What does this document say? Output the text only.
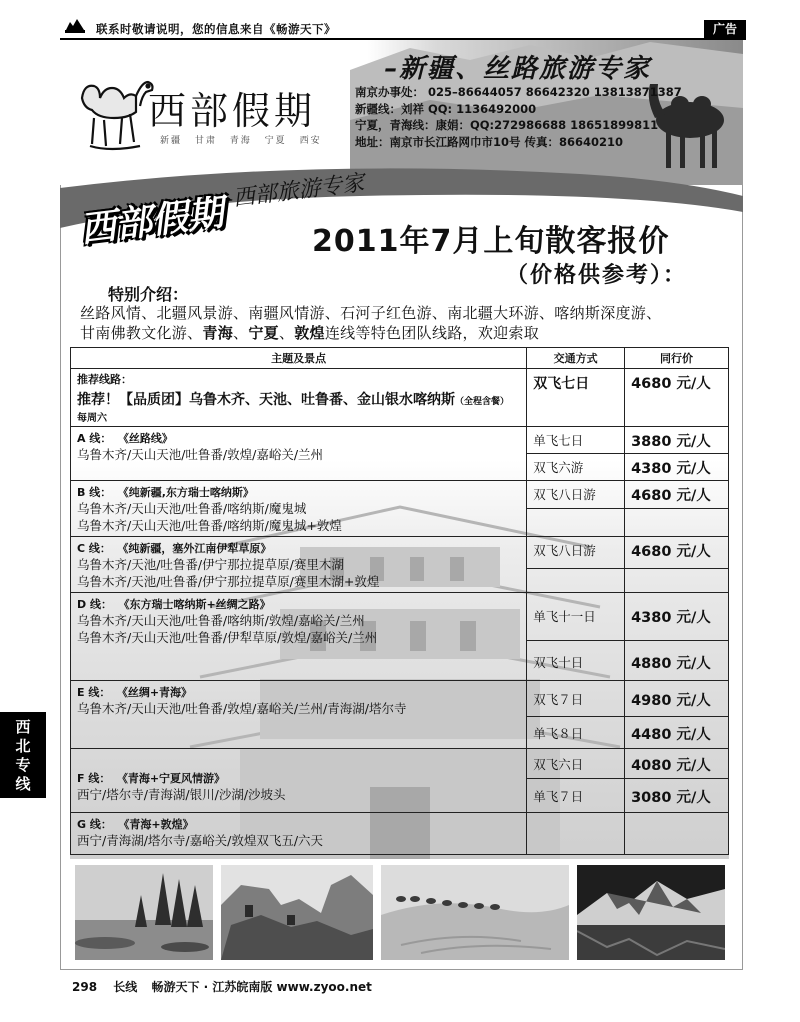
联系时敬请说明，您的信息来自《畅游天下》	广告
西部假期
新疆 甘肃 青海 宁夏 西安
–新疆、丝路旅游专家
南京办事处： 025–86644057 86642320 13813871387
新疆线：刘祥 QQ: 1136492000
宁夏，青海线：康娟：QQ:272986688 18651899811
地址：南京市长江路网巾市10号 传真：86640210
–西部旅游专家
西部假期	2011年7月上旬散客报价
（价格供参考）：
特别介绍：
丝路风情、北疆风景游、南疆风情游、石河子红色游、南北疆大环游、喀纳斯深度游、
甘南佛教文化游、青海、宁夏、敦煌连线等特色团队线路，欢迎索取
主题及景点	交通方式	同行价

推荐线路：
推荐！【品质团】乌鲁木齐、天池、吐鲁番、金山银水喀纳斯（全程含餐）
每周六	双飞七日	4680 元/人

A 线： 《丝路线》
乌鲁木齐/天山天池/吐鲁番/敦煌/嘉峪关/兰州	单飞七日	3880 元/人
	双飞六游	4380 元/人

B 线： 《纯新疆,东方瑞士喀纳斯》
乌鲁木齐/天山天池/吐鲁番/喀纳斯/魔鬼城
乌鲁木齐/天山天池/吐鲁番/喀纳斯/魔鬼城+敦煌	双飞八日游	4680 元/人

C 线： 《纯新疆，塞外江南伊犁草原》
乌鲁木齐/天池/吐鲁番/伊宁那拉提草原/赛里木湖
乌鲁木齐/天池/吐鲁番/伊宁那拉提草原/赛里木湖+敦煌	双飞八日游	4680 元/人

D 线： 《东方瑞士喀纳斯+丝绸之路》
乌鲁木齐/天山天池/吐鲁番/喀纳斯/敦煌/嘉峪关/兰州
乌鲁木齐/天山天池/吐鲁番/伊犁草原/敦煌/嘉峪关/兰州	单飞十一日	4380 元/人
	双飞十日	4880 元/人

E 线： 《丝绸+青海》
乌鲁木齐/天山天池/吐鲁番/敦煌/嘉峪关/兰州/青海湖/塔尔寺	双飞７日	4980 元/人
	单飞８日	4480 元/人

F 线： 《青海+宁夏风情游》
西宁/塔尔寺/青海湖/银川/沙湖/沙坡头	双飞六日	4080 元/人
	单飞７日	3080 元/人

G 线： 《青海+敦煌》
西宁/青海湖/塔尔寺/嘉峪关/敦煌双飞五/六天		

西
北
专
线
298 长线 畅游天下 · 江苏皖南版 www.zyoo.net
